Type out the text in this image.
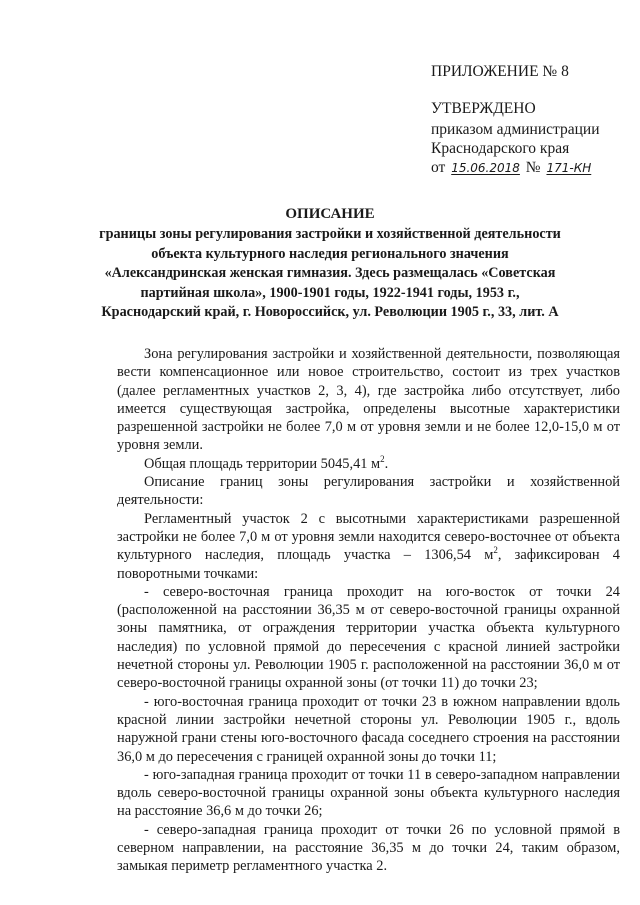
ПРИЛОЖЕНИЕ № 8
УТВЕРЖДЕНО
приказом администрации
Краснодарского края
от 15.06.2018 № 171-КН
ОПИСАНИЕ
границы зоны регулирования застройки и хозяйственной деятельности
объекта культурного наследия регионального значения
«Александринская женская гимназия. Здесь размещалась «Советская
партийная школа», 1900-1901 годы, 1922-1941 годы, 1953 г.,
Краснодарский край, г. Новороссийск, ул. Революции 1905 г., 33, лит. А

Зона регулирования застройки и хозяйственной деятельности, позволяющая вести компенсационное или новое строительство, состоит из трех участков (далее регламентных участков 2, 3, 4), где застройка либо отсутствует, либо имеется существующая застройка, определены высотные характеристики разрешенной застройки не более 7,0 м от уровня земли и не более 12,0-15,0 м от уровня земли.

Общая площадь территории 5045,41 $м^2$.

Описание границ зоны регулирования застройки и хозяйственной деятельности:

Регламентный участок 2 с высотными характеристиками разрешенной застройки не более 7,0 м от уровня земли находится северо-восточнее от объекта культурного наследия, площадь участка – 1306,54 $м^2$, зафиксирован 4 поворотными точками:

- северо-восточная граница проходит на юго-восток от точки 24 (расположенной на расстоянии 36,35 м от северо-восточной границы охранной зоны памятника, от ограждения территории участка объекта культурного наследия) по условной прямой до пересечения с красной линией застройки нечетной стороны ул. Революции 1905 г. расположенной на расстоянии 36,0 м от северо-восточной границы охранной зоны (от точки 11) до точки 23;

- юго-восточная граница проходит от точки 23 в южном направлении вдоль красной линии застройки нечетной стороны ул. Революции 1905 г., вдоль наружной грани стены юго-восточного фасада соседнего строения на расстоянии 36,0 м до пересечения с границей охранной зоны до точки 11;

- юго-западная граница проходит от точки 11 в северо-западном направлении вдоль северо-восточной границы охранной зоны объекта культурного наследия на расстояние 36,6 м до точки 26;

- северо-западная граница проходит от точки 26 по условной прямой в северном направлении, на расстояние 36,35 м до точки 24, таким образом, замыкая периметр регламентного участка 2.
